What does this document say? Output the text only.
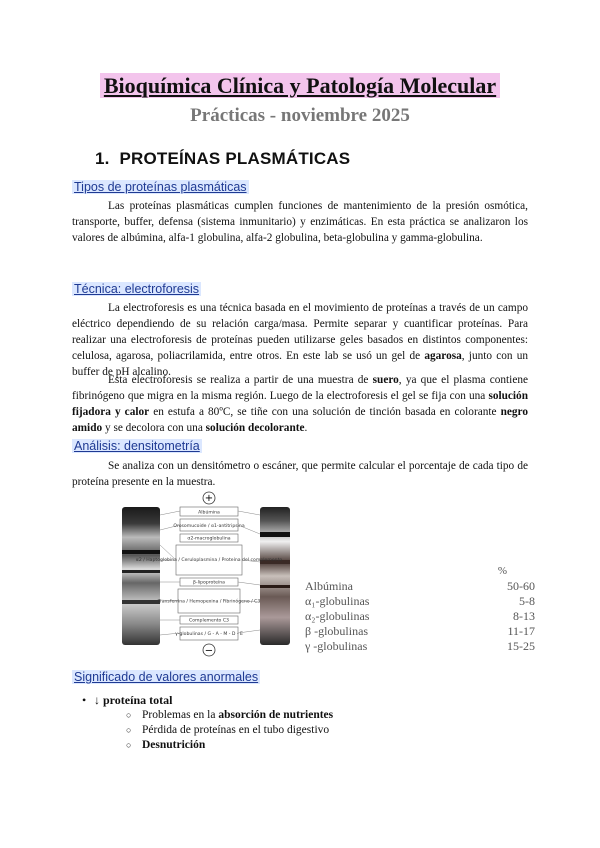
Bioquímica Clínica y Patología Molecular
Prácticas - noviembre 2025
1. PROTEÍNAS PLASMÁTICAS
Tipos de proteínas plasmáticas
Las proteínas plasmáticas cumplen funciones de mantenimiento de la presión osmótica, transporte, buffer, defensa (sistema inmunitario) y enzimáticas. En esta práctica se analizaron los valores de albúmina, alfa-1 globulina, alfa-2 globulina, beta-globulina y gamma-globulina.
Técnica: electroforesis
La electroforesis es una técnica basada en el movimiento de proteínas a través de un campo eléctrico dependiendo de su relación carga/masa. Permite separar y cuantificar proteínas. Para realizar una electroforesis de proteínas pueden utilizarse geles basados en distintos componentes: celulosa, agarosa, poliacrilamida, entre otros. En este lab se usó un gel de agarosa, junto con un buffer de pH alcalino.
Esta electroforesis se realiza a partir de una muestra de suero, ya que el plasma contiene fibrinógeno que migra en la misma región. Luego de la electroforesis el gel se fija con una solución fijadora y calor en estufa a 80ºC, se tiñe con una solución de tinción basada en colorante negro amido y se decolora con una solución decolorante.
Análisis: densitometría
Se analiza con un densitómetro o escáner, que permite calcular el porcentaje de cada tipo de proteína presente en la muestra.
+
Albúmina
Orosomucoide / α1-antitripsina
α2-macroglobulina
α2 / Haptoglobina / Ceruloplasmina / Proteína del complemento
β-lipoproteína
Transferrina / Hemopexina / Fibrinógeno / C3
Complemento C3
γ-globulinas / G - A - M - D - E
−
%
Albúmina	50-60
α₁-globulinas	5-8
α₂-globulinas	8-13
β -globulinas	11-17
γ -globulinas	15-25
Significado de valores anormales
• ↓ proteína total
○ Problemas en la absorción de nutrientes
○ Pérdida de proteínas en el tubo digestivo
○ Desnutrición
